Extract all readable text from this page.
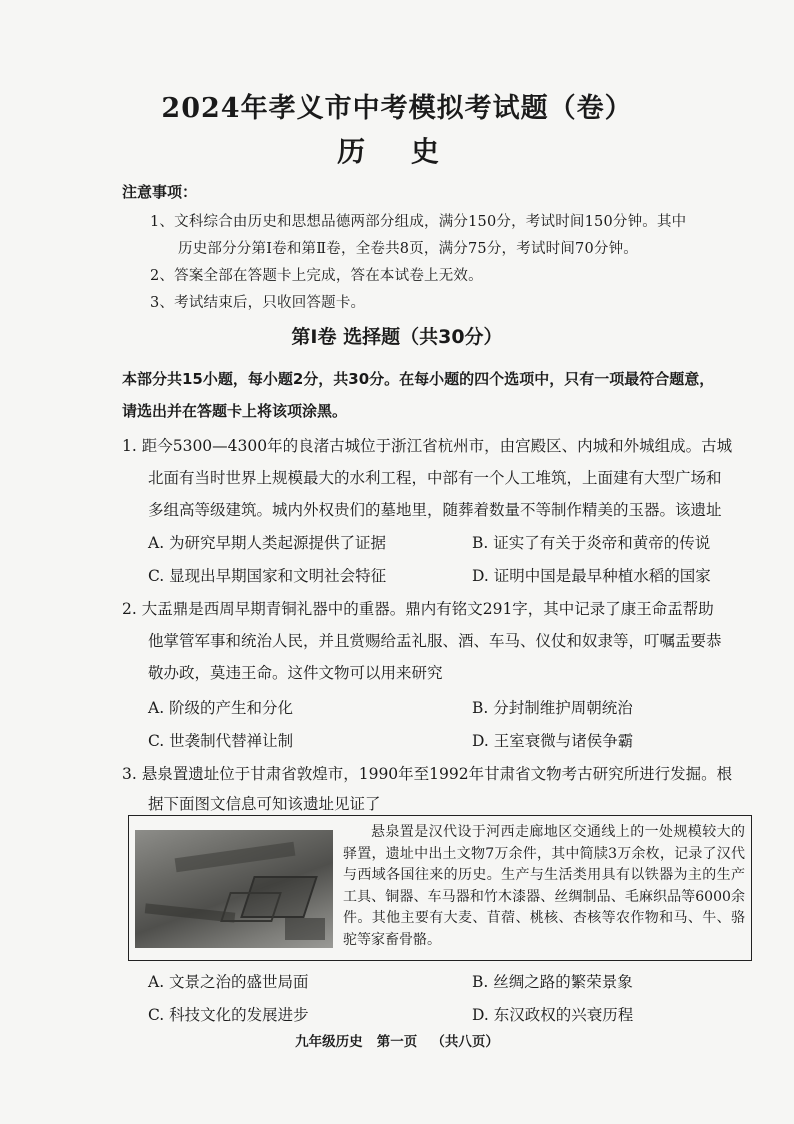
2024年孝义市中考模拟考试题（卷）
历 史
注意事项：
1、文科综合由历史和思想品德两部分组成，满分150分，考试时间150分钟。其中
历史部分分第Ⅰ卷和第Ⅱ卷，全卷共8页，满分75分，考试时间70分钟。
2、答案全部在答题卡上完成，答在本试卷上无效。
3、考试结束后，只收回答题卡。
第Ⅰ卷 选择题（共30分）
本部分共15小题，每小题2分，共30分。在每小题的四个选项中，只有一项最符合题意，
请选出并在答题卡上将该项涂黑。
1. 距今5300—4300年的良渚古城位于浙江省杭州市，由宫殿区、内城和外城组成。古城
北面有当时世界上规模最大的水利工程，中部有一个人工堆筑，上面建有大型广场和
多组高等级建筑。城内外权贵们的墓地里，随葬着数量不等制作精美的玉器。该遗址
A. 为研究早期人类起源提供了证据	B. 证实了有关于炎帝和黄帝的传说
C. 显现出早期国家和文明社会特征	D. 证明中国是最早种植水稻的国家
2. 大盂鼎是西周早期青铜礼器中的重器。鼎内有铭文291字，其中记录了康王命盂帮助
他掌管军事和统治人民，并且赏赐给盂礼服、酒、车马、仪仗和奴隶等，叮嘱盂要恭
敬办政，莫违王命。这件文物可以用来研究
A. 阶级的产生和分化	B. 分封制维护周朝统治
C. 世袭制代替禅让制	D. 王室衰微与诸侯争霸
3. 悬泉置遗址位于甘肃省敦煌市，1990年至1992年甘肃省文物考古研究所进行发掘。根
据下面图文信息可知该遗址见证了
悬泉置是汉代设于河西走廊地区交通线上的一处规模较大的驿置，遗址中出土文物7万余件，其中简牍3万余枚，记录了汉代与西域各国往来的历史。生产与生活类用具有以铁器为主的生产工具、铜器、车马器和竹木漆器、丝绸制品、毛麻织品等6000余件。其他主要有大麦、苜蓿、桃核、杏核等农作物和马、牛、骆驼等家畜骨骼。
A. 文景之治的盛世局面	B. 丝绸之路的繁荣景象
C. 科技文化的发展进步	D. 东汉政权的兴衰历程
九年级历史   第一页   （共八页）
